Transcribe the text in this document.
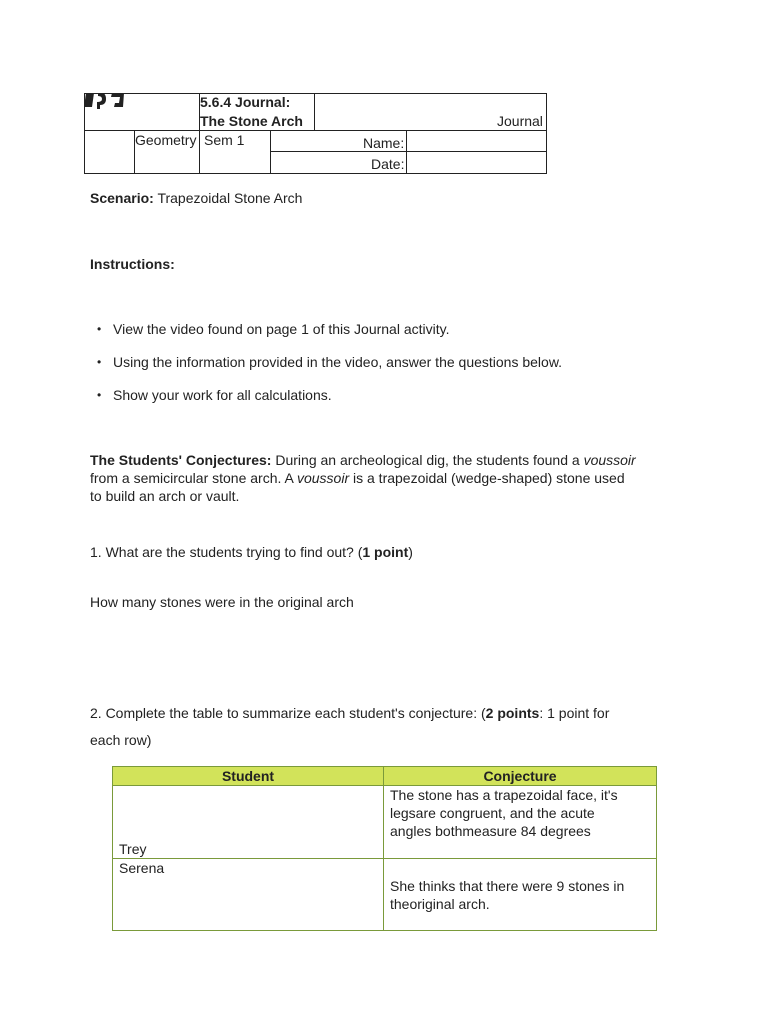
5.6.4 Journal:
The Stone Arch	Journal
Geometry Sem 1	Name:
Date:
Scenario: Trapezoidal Stone Arch
Instructions:
• View the video found on page 1 of this Journal activity.
• Using the information provided in the video, answer the questions below.
• Show your work for all calculations.
The Students' Conjectures: During an archeological dig, the students found a voussoir
from a semicircular stone arch. A voussoir is a trapezoidal (wedge-shaped) stone used
to build an arch or vault.
1. What are the students trying to find out? (1 point)
How many stones were in the original arch
2. Complete the table to summarize each student's conjecture: (2 points: 1 point for
each row)
Student	Conjecture
Trey	The stone has a trapezoidal face, it's
legsare congruent, and the acute
angles bothmeasure 84 degrees

Serena	She thinks that there were 9 stones in
theoriginal arch.
